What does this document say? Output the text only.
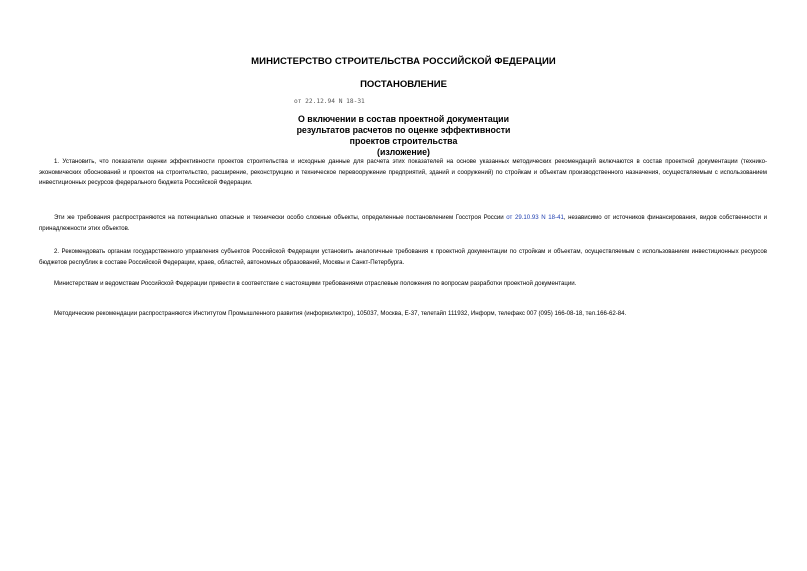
МИНИСТЕРСТВО СТРОИТЕЛЬСТВА РОССИЙСКОЙ ФЕДЕРАЦИИ
ПОСТАНОВЛЕНИЕ
от 22.12.94 N 18-31
О включении в состав проектной документации
результатов расчетов по оценке эффективности
проектов строительства
(изложение)

1. Установить, что показатели оценки эффективности проектов строительства и исходные данные для расчета этих показателей на основе указанных методических рекомендаций включаются в состав проектной документации (технико-экономических обоснований и проектов на строительство, расширение, реконструкцию и техническое перевооружение предприятий, зданий и сооружений) по стройкам и объектам производственного назначения, осуществляемым с использованием инвестиционных ресурсов федерального бюджета Российской Федерации.

Эти же требования распространяются на потенциально опасные и технически особо сложные объекты, определенные постановлением Госстроя России от 29.10.93 N 18-41, независимо от источников финансирования, видов собственности и принадлежности этих объектов.

2. Рекомендовать органам государственного управления субъектов Российской Федерации установить аналогичные требования к проектной документации по стройкам и объектам, осуществляемым с использованием инвестиционных ресурсов бюджетов республик в составе Российской Федерации, краев, областей, автономных образований, Москвы и Санкт-Петербурга.

Министерствам и ведомствам Российской Федерации привести в соответствие с настоящими требованиями отраслевые положения по вопросам разработки проектной документации.

Методические рекомендации распространяются Институтом Промышленного развития (информэлектро), 105037, Москва, Е-37, телетайп 111932, Информ, телефакс 007 (095) 166-08-18, тел.166-62-84.
